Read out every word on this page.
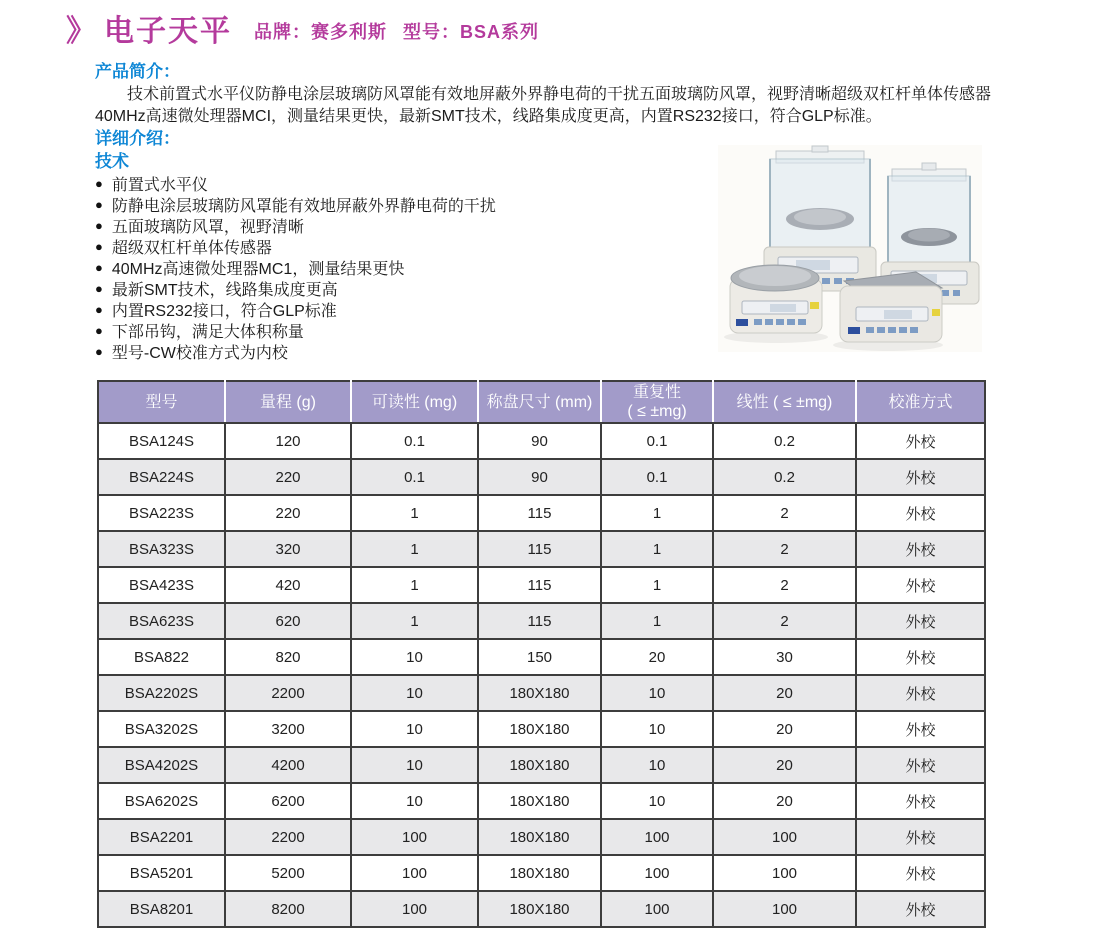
》 电子天平 品牌：赛多利斯 型号：BSA系列
产品简介：
技术前置式水平仪防静电涂层玻璃防风罩能有效地屏蔽外界静电荷的干扰五面玻璃防风罩，视野清晰超级双杠杆单体传感器
40MHz高速微处理器MCI，测量结果更快，最新SMT技术，线路集成度更高，内置RS232接口，符合GLP标准。
详细介绍：
技术
● 前置式水平仪
● 防静电涂层玻璃防风罩能有效地屏蔽外界静电荷的干扰
● 五面玻璃防风罩，视野清晰
● 超级双杠杆单体传感器
● 40MHz高速微处理器MC1，测量结果更快
● 最新SMT技术，线路集成度更高
● 内置RS232接口，符合GLP标准
● 下部吊钩，满足大体积称量
● 型号-CW校准方式为内校
型号	量程 (g)	可读性 (mg)	称盘尺寸 (mm)	重复性
( ≤ ±mg)	线性 ( ≤ ±mg)	校准方式
BSA124S	120	0.1	90	0.1	0.2	外校
BSA224S	220	0.1	90	0.1	0.2	外校
BSA223S	220	1	115	1	2	外校
BSA323S	320	1	115	1	2	外校
BSA423S	420	1	115	1	2	外校
BSA623S	620	1	115	1	2	外校
BSA822	820	10	150	20	30	外校
BSA2202S	2200	10	180X180	10	20	外校
BSA3202S	3200	10	180X180	10	20	外校
BSA4202S	4200	10	180X180	10	20	外校
BSA6202S	6200	10	180X180	10	20	外校
BSA2201	2200	100	180X180	100	100	外校
BSA5201	5200	100	180X180	100	100	外校
BSA8201	8200	100	180X180	100	100	外校
